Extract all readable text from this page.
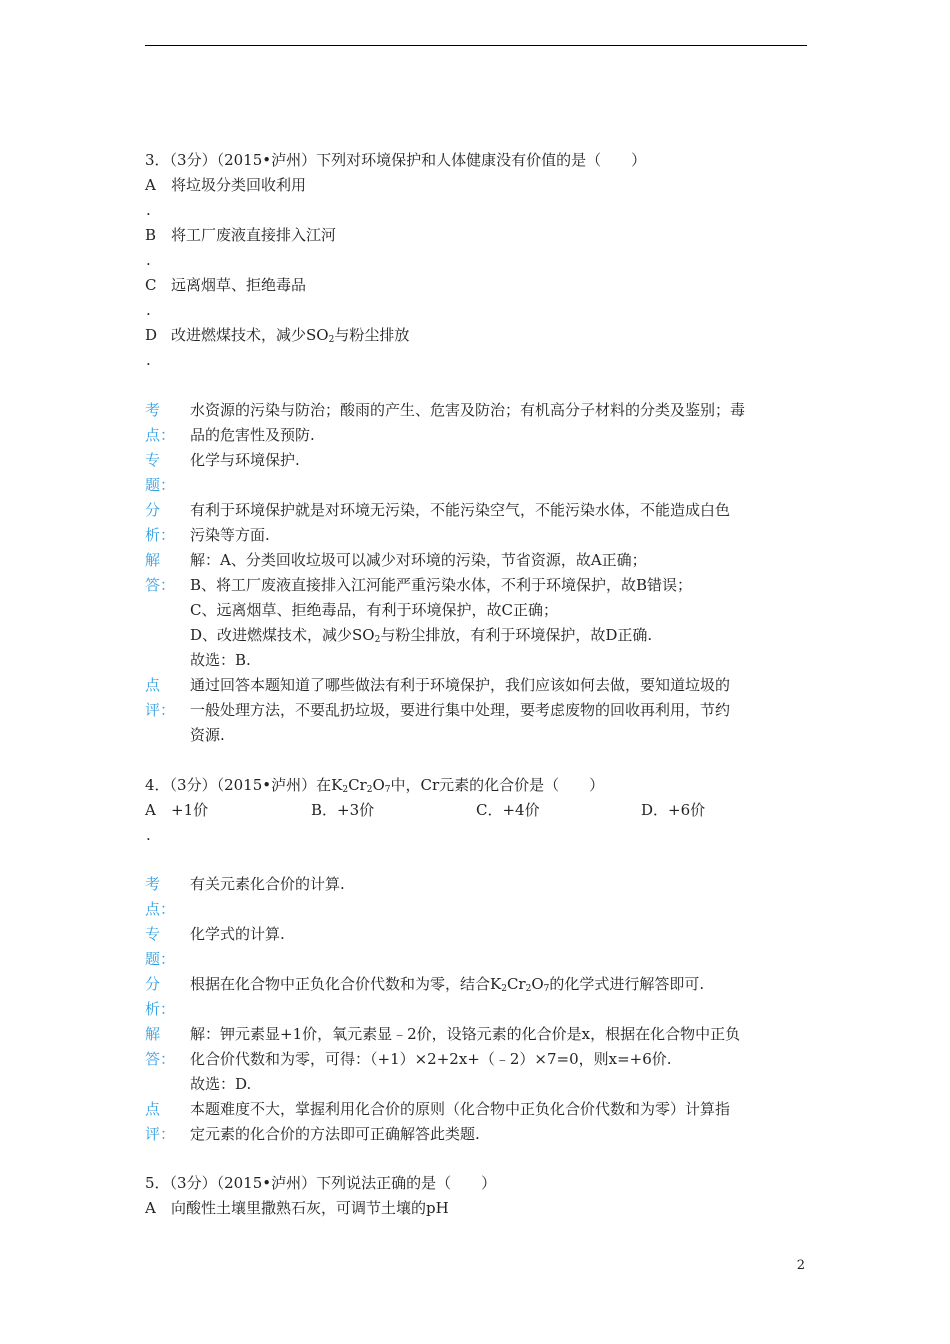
3．（3分）（2015•泸州）下列对环境保护和人体健康没有价值的是（　　）
A 将垃圾分类回收利用
.
B 将工厂废液直接排入江河
.
C 远离烟草、拒绝毒品
.
D 改进燃煤技术，减少$SO_2$与粉尘排放
.
考
点：
水资源的污染与防治；酸雨的产生、危害及防治；有机高分子材料的分类及鉴别；毒
品的危害性及预防.
专
题：
化学与环境保护.
分
析：
有利于环境保护就是对环境无污染，不能污染空气，不能污染水体，不能造成白色
污染等方面.
解
答：
解：A、分类回收垃圾可以减少对环境的污染，节省资源，故A正确；
B、将工厂废液直接排入江河能严重污染水体，不利于环境保护，故B错误；
C、远离烟草、拒绝毒品，有利于环境保护，故C正确；
D、改进燃煤技术，减少$SO_2$与粉尘排放，有利于环境保护，故D正确.
故选：B.
点
评：
通过回答本题知道了哪些做法有利于环境保护，我们应该如何去做，要知道垃圾的
一般处理方法，不要乱扔垃圾，要进行集中处理，要考虑废物的回收再利用，节约
资源.
4．（3分）（2015•泸州）在$K_2Cr_2O_7$中，Cr元素的化合价是（　　）
A +1价	B．+3价	C．+4价	D．+6价
.
考
点：
有关元素化合价的计算.
专
题：
化学式的计算.
分
析：
根据在化合物中正负化合价代数和为零，结合$K_2Cr_2O_7$的化学式进行解答即可.
解
答：
解：钾元素显+1价，氧元素显﹣2价，设铬元素的化合价是x，根据在化合物中正负
化合价代数和为零，可得：（+1）×2+2x+（﹣2）×7=0，则x=+6价.
故选：D.
点
评：
本题难度不大，掌握利用化合价的原则（化合物中正负化合价代数和为零）计算指
定元素的化合价的方法即可正确解答此类题.
5．（3分）（2015•泸州）下列说法正确的是（　　）
A 向酸性土壤里撒熟石灰，可调节土壤的pH
2
